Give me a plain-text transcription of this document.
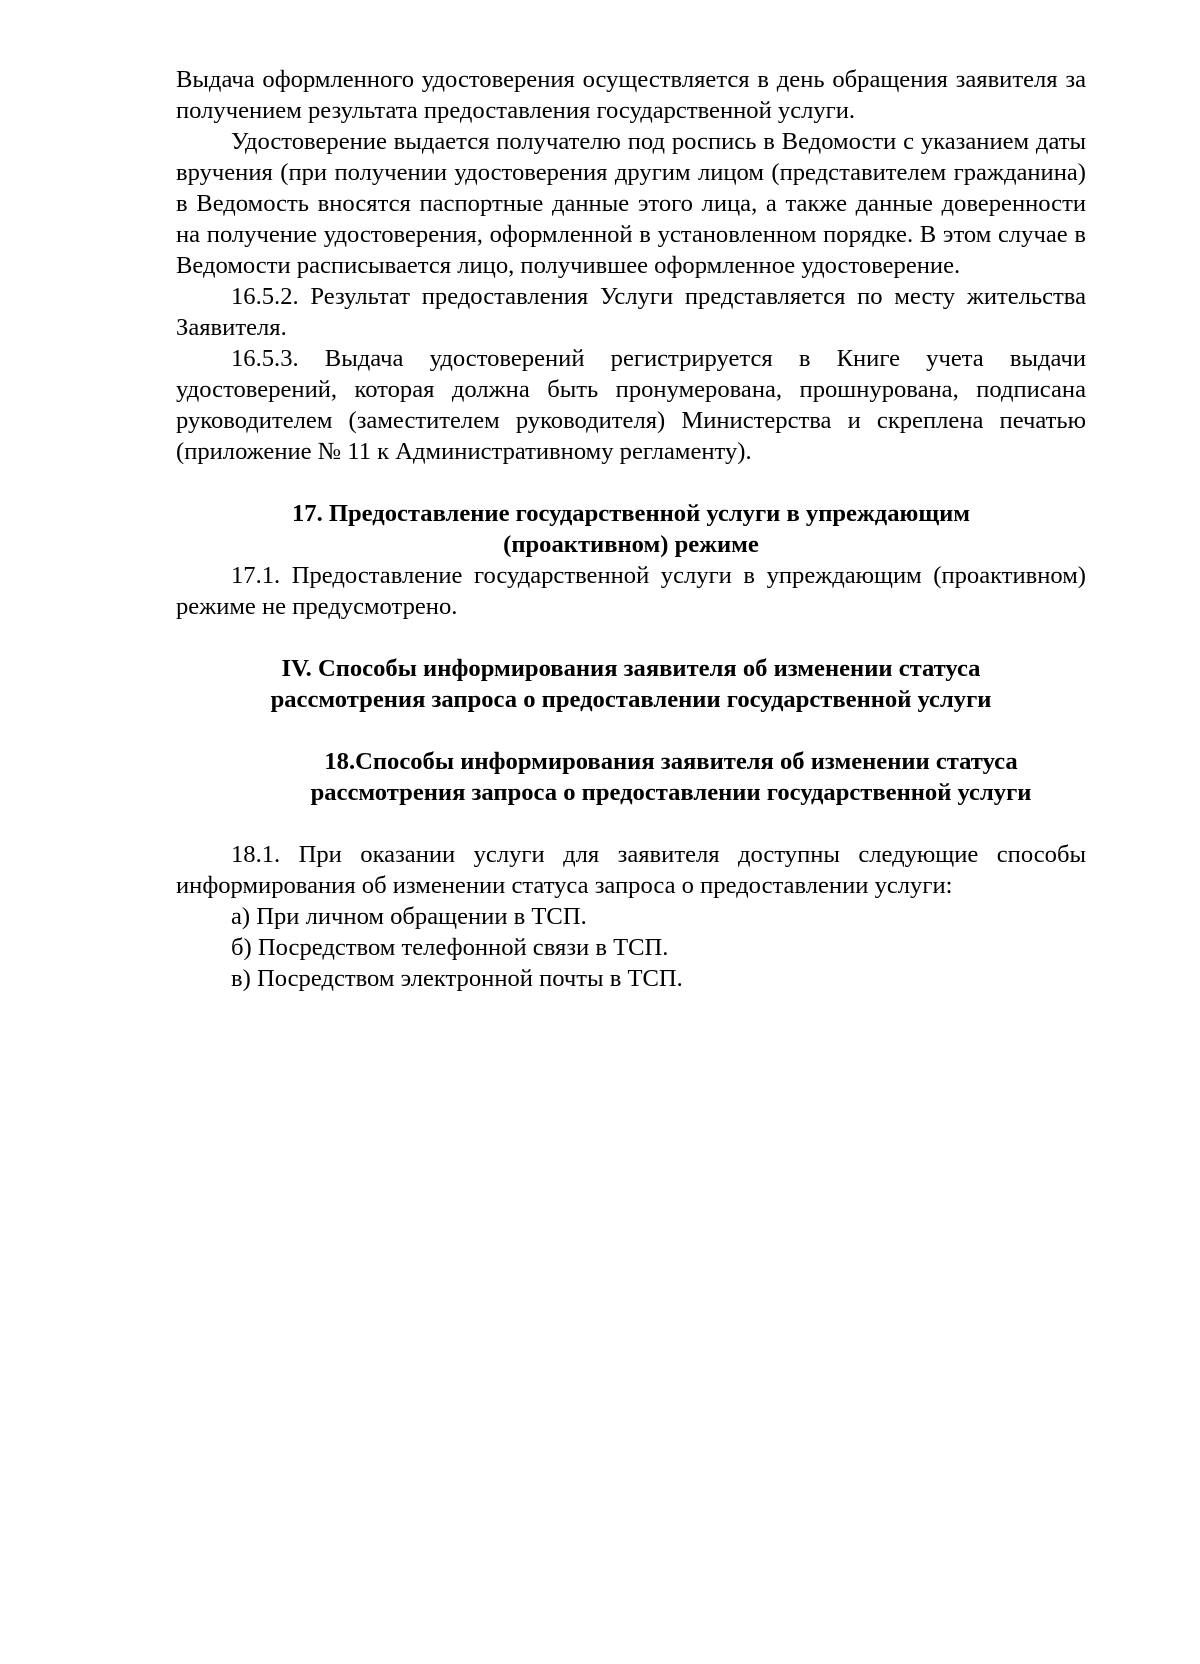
Выдача оформленного удостоверения осуществляется в день обращения заявителя за получением результата предоставления государственной услуги.

Удостоверение выдается получателю под роспись в Ведомости с указанием даты вручения (при получении удостоверения другим лицом (представителем гражданина) в Ведомость вносятся паспортные данные этого лица, а также данные доверенности на получение удостоверения, оформленной в установленном порядке. В этом случае в Ведомости расписывается лицо, получившее оформленное удостоверение.

16.5.2. Результат предоставления Услуги представляется по месту жительства Заявителя.

16.5.3. Выдача удостоверений регистрируется в Книге учета выдачи удостоверений, которая должна быть пронумерована, прошнурована, подписана руководителем (заместителем руководителя) Министерства и скреплена печатью (приложение № 11 к Административному регламенту).

17. Предоставление государственной услуги в упреждающим
(проактивном) режиме

17.1. Предоставление государственной услуги в упреждающим (проактивном) режиме не предусмотрено.

IV. Способы информирования заявителя об изменении статуса
рассмотрения запроса о предоставлении государственной услуги
18.Способы информирования заявителя об изменении статуса
рассмотрения запроса о предоставлении государственной услуги

18.1. При оказании услуги для заявителя доступны следующие способы информирования об изменении статуса запроса о предоставлении услуги:

а) При личном обращении в ТСП.
б) Посредством телефонной связи в ТСП.
в) Посредством электронной почты в ТСП.
